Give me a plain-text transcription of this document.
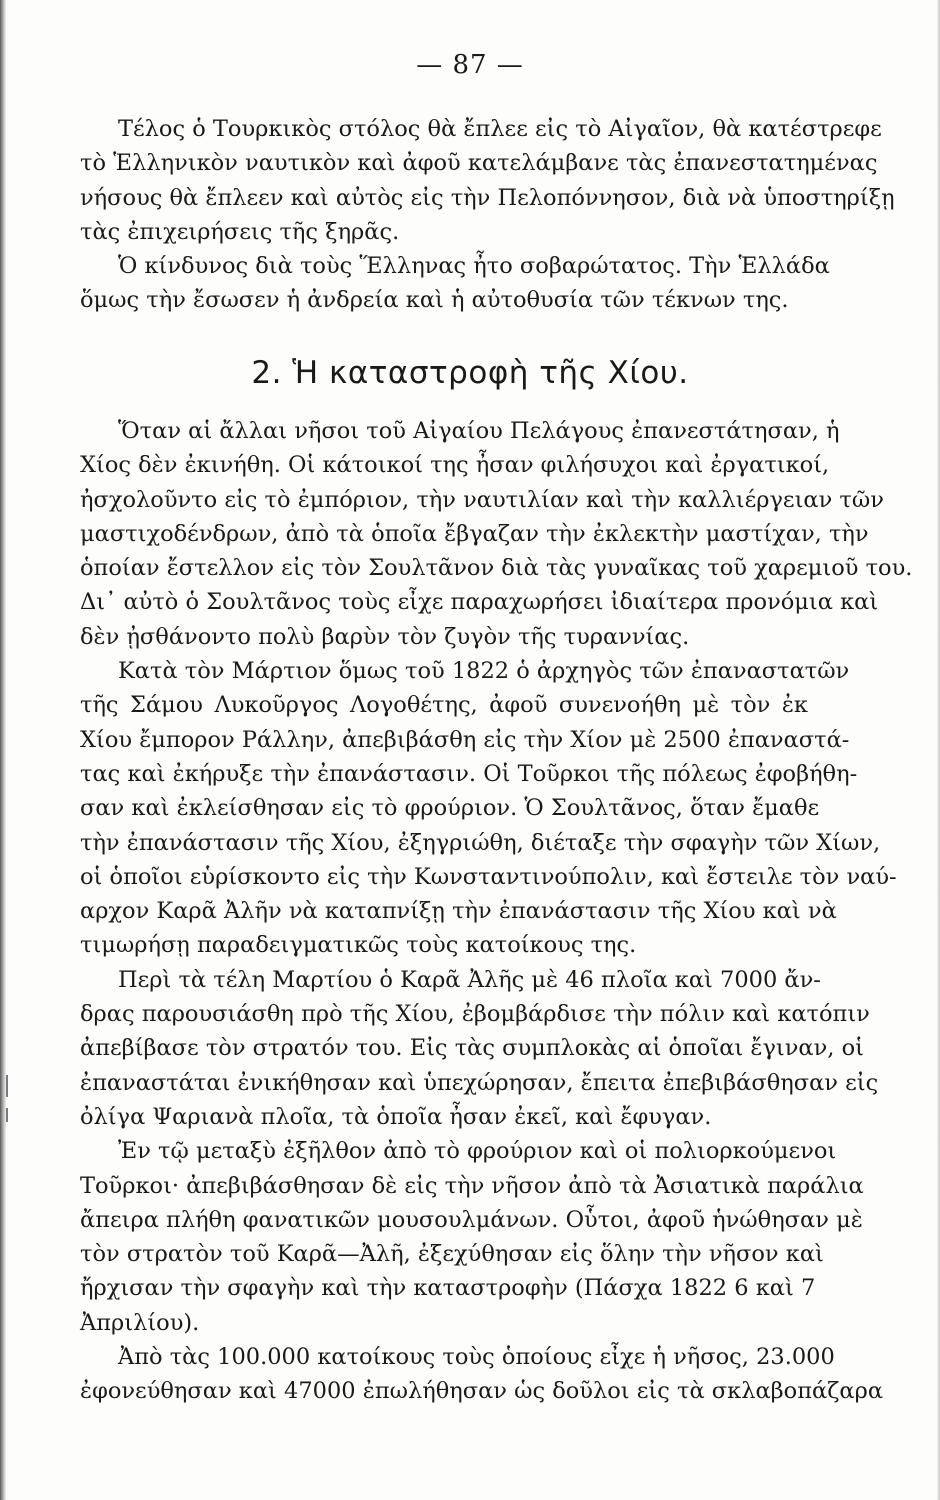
— 87 —
Τέλος ὁ Τουρκικὸς στόλος θὰ ἔπλεε εἰς τὸ Αἰγαῖον, θὰ κατέστρεφε
τὸ Ἑλληνικὸν ναυτικὸν καὶ ἀφοῦ κατελάμβανε τὰς ἐπανεστατημένας
νήσους θὰ ἔπλεεν καὶ αὐτὸς εἰς τὴν Πελοπόννησον, διὰ νὰ ὑποστηρίξῃ
τὰς ἐπιχειρήσεις τῆς ξηρᾶς.
Ὁ κίνδυνος διὰ τοὺς Ἕλληνας ἦτο σοβαρώτατος. Τὴν Ἑλλάδα
ὅμως τὴν ἔσωσεν ἡ ἀνδρεία καὶ ἡ αὐτοθυσία τῶν τέκνων της.
2. Ἡ καταστροφὴ τῆς Χίου.
Ὅταν αἱ ἄλλαι νῆσοι τοῦ Αἰγαίου Πελάγους ἐπανεστάτησαν, ἡ
Χίος δὲν ἐκινήθη. Οἱ κάτοικοί της ἦσαν φιλήσυχοι καὶ ἐργατικοί,
ἠσχολοῦντο εἰς τὸ ἐμπόριον, τὴν ναυτιλίαν καὶ τὴν καλλιέργειαν τῶν
μαστιχοδένδρων, ἀπὸ τὰ ὁποῖα ἔβγαζαν τὴν ἐκλεκτὴν μαστίχαν, τὴν
ὁποίαν ἔστελλον εἰς τὸν Σουλτᾶνον διὰ τὰς γυναῖκας τοῦ χαρεμιοῦ του.
Δι᾽ αὐτὸ ὁ Σουλτᾶνος τοὺς εἶχε παραχωρήσει ἰδιαίτερα προνόμια καὶ
δὲν ᾐσθάνοντο πολὺ βαρὺν τὸν ζυγὸν τῆς τυραννίας.
Κατὰ τὸν Μάρτιον ὅμως τοῦ 1822 ὁ ἀρχηγὸς τῶν ἐπαναστατῶν
τῆς Σάμου Λυκοῦργος Λογοθέτης, ἀφοῦ συνενοήθη μὲ τὸν ἐκ
Χίου ἔμπορον Ράλλην, ἀπεβιβάσθη εἰς τὴν Χίον μὲ 2500 ἐπαναστά-
τας καὶ ἐκήρυξε τὴν ἐπανάστασιν. Οἱ Τοῦρκοι τῆς πόλεως ἐφοβήθη-
σαν καὶ ἐκλείσθησαν εἰς τὸ φρούριον. Ὁ Σουλτᾶνος, ὅταν ἔμαθε
τὴν ἐπανάστασιν τῆς Χίου, ἐξηγριώθη, διέταξε τὴν σφαγὴν τῶν Χίων,
οἱ ὁποῖοι εὑρίσκοντο εἰς τὴν Κωνσταντινούπολιν, καὶ ἔστειλε τὸν ναύ-
αρχον Καρᾶ Ἀλῆν νὰ καταπνίξῃ τὴν ἐπανάστασιν τῆς Χίου καὶ νὰ
τιμωρήσῃ παραδειγματικῶς τοὺς κατοίκους της.
Περὶ τὰ τέλη Μαρτίου ὁ Καρᾶ Ἀλῆς μὲ 46 πλοῖα καὶ 7000 ἄν-
δρας παρουσιάσθη πρὸ τῆς Χίου, ἐβομβάρδισε τὴν πόλιν καὶ κατόπιν
ἀπεβίβασε τὸν στρατόν του. Εἰς τὰς συμπλοκὰς αἱ ὁποῖαι ἔγιναν, οἱ
ἐπαναστάται ἐνικήθησαν καὶ ὑπεχώρησαν, ἔπειτα ἐπεβιβάσθησαν εἰς
ὀλίγα Ψαριανὰ πλοῖα, τὰ ὁποῖα ἦσαν ἐκεῖ, καὶ ἔφυγαν.
Ἐν τῷ μεταξὺ ἐξῆλθον ἀπὸ τὸ φρούριον καὶ οἱ πολιορκούμενοι
Τοῦρκοι· ἀπεβιβάσθησαν δὲ εἰς τὴν νῆσον ἀπὸ τὰ Ἀσιατικὰ παράλια
ἄπειρα πλήθη φανατικῶν μουσουλμάνων. Οὗτοι, ἀφοῦ ἡνώθησαν μὲ
τὸν στρατὸν τοῦ Καρᾶ—Ἀλῆ, ἐξεχύθησαν εἰς ὅλην τὴν νῆσον καὶ
ἤρχισαν τὴν σφαγὴν καὶ τὴν καταστροφὴν (Πάσχα 1822 6 καὶ 7
Ἀπριλίου).
Ἀπὸ τὰς 100.000 κατοίκους τοὺς ὁποίους εἶχε ἡ νῆσος, 23.000
ἐφονεύθησαν καὶ 47000 ἐπωλήθησαν ὡς δοῦλοι εἰς τὰ σκλαβοπάζαρα
